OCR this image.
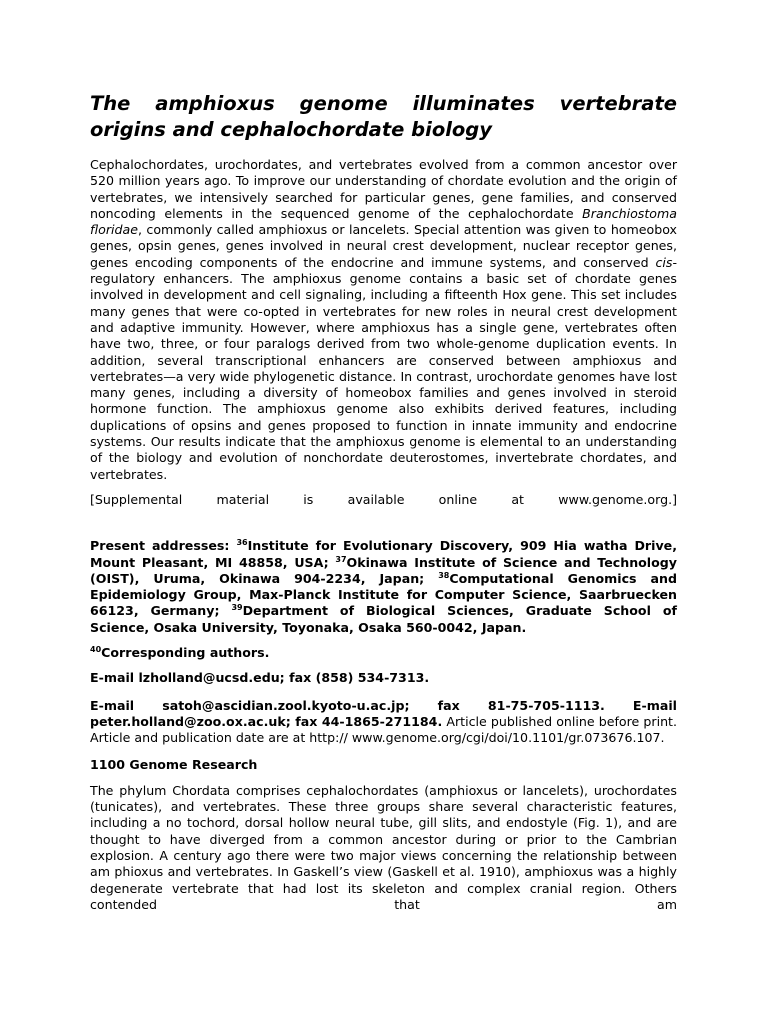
The amphioxus genome illuminates vertebrate origins and cephalochordate biology

Cephalochordates, urochordates, and vertebrates evolved from a common ancestor over 520 million years ago. To improve our understanding of chordate evolution and the origin of vertebrates, we intensively searched for particular genes, gene families, and conserved noncoding elements in the sequenced genome of the cephalochordate Branchiostoma floridae, commonly called amphioxus or lancelets. Special attention was given to homeobox genes, opsin genes, genes involved in neural crest development, nuclear receptor genes, genes encoding components of the endocrine and immune systems, and conserved cis-regulatory enhancers. The amphioxus genome contains a basic set of chordate genes involved in development and cell signaling, including a fifteenth Hox gene. This set includes many genes that were co-opted in vertebrates for new roles in neural crest development and adaptive immunity. However, where amphioxus has a single gene, vertebrates often have two, three, or four paralogs derived from two whole-genome duplication events. In addition, several transcriptional enhancers are conserved between amphioxus and vertebrates—a very wide phylogenetic distance. In contrast, urochordate genomes have lost many genes, including a diversity of homeobox families and genes involved in steroid hormone function. The amphioxus genome also exhibits derived features, including duplications of opsins and genes proposed to function in innate immunity and endocrine systems. Our results indicate that the amphioxus genome is elemental to an understanding of the biology and evolution of nonchordate deuterostomes, invertebrate chordates, and vertebrates.

[Supplemental material is available online at www.genome.org.]

Present addresses: $^{36}$Institute for Evolutionary Discovery, 909 Hia watha Drive, Mount Pleasant, MI 48858, USA; $^{37}$Okinawa Institute of Science and Technology (OIST), Uruma, Okinawa 904-2234, Japan; $^{38}$Computational Genomics and Epidemiology Group, Max-Planck Institute for Computer Science, Saarbruecken 66123, Germany; $^{39}$Department of Biological Sciences, Graduate School of Science, Osaka University, Toyonaka, Osaka 560-0042, Japan.

$^{40}$Corresponding authors.

E-mail lzholland@ucsd.edu; fax (858) 534-7313.

E-mail satoh@ascidian.zool.kyoto-u.ac.jp; fax 81-75-705-1113. E-mail peter.holland@zoo.ox.ac.uk; fax 44-1865-271184. Article published online before print. Article and publication date are at http:// www.genome.org/cgi/doi/10.1101/gr.073676.107.

1100 Genome Research

The phylum Chordata comprises cephalochordates (amphioxus or lancelets), urochordates (tunicates), and vertebrates. These three groups share several characteristic features, including a no tochord, dorsal hollow neural tube, gill slits, and endostyle (Fig. 1), and are thought to have diverged from a common ancestor during or prior to the Cambrian explosion. A century ago there were two major views concerning the relationship between am phioxus and vertebrates. In Gaskell’s view (Gaskell et al. 1910), amphioxus was a highly degenerate vertebrate that had lost its skeleton and complex cranial region. Others contended that am
